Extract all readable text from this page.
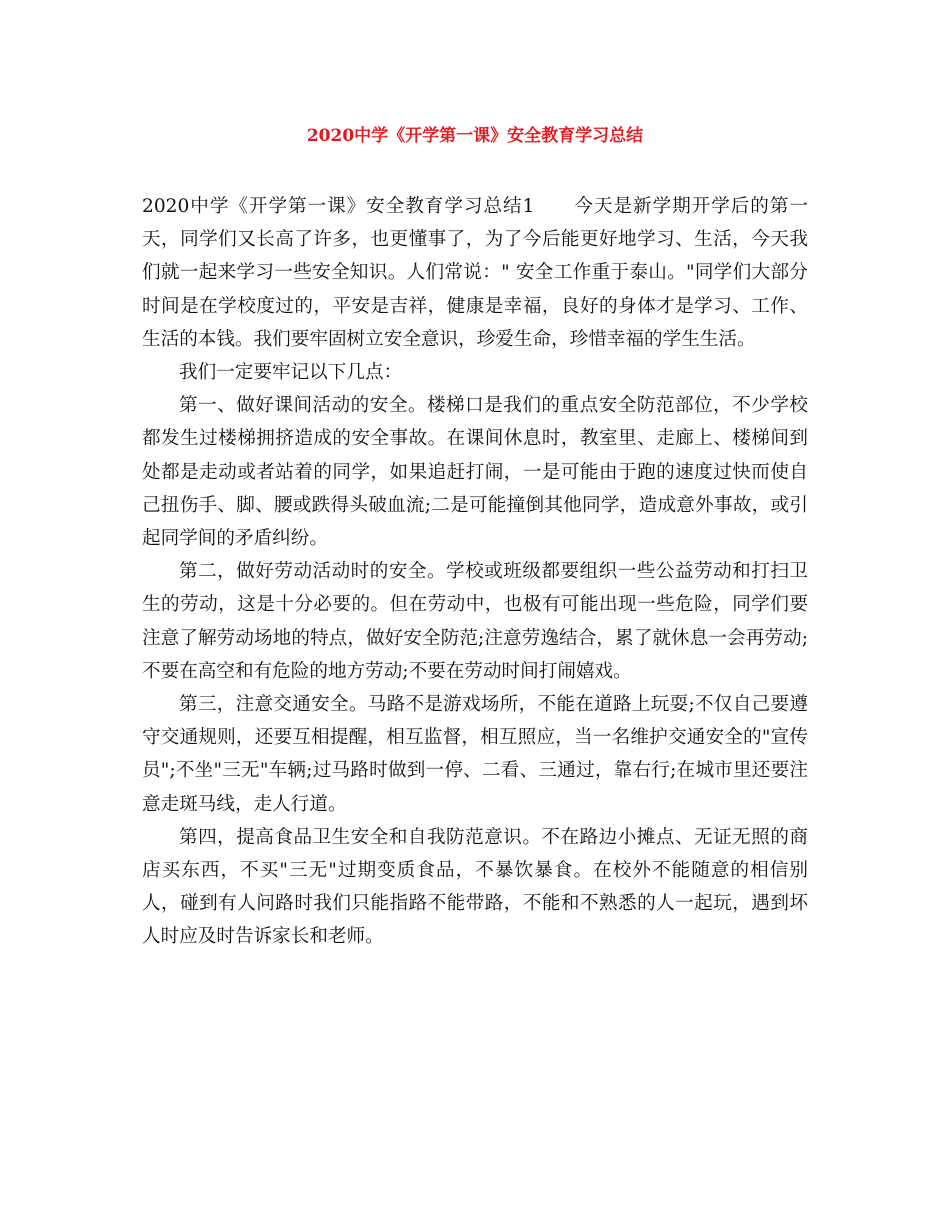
2020中学《开学第一课》安全教育学习总结

2020中学《开学第一课》安全教育学习总结1　　今天是新学期开学后的第一天，同学们又长高了许多，也更懂事了，为了今后能更好地学习、生活，今天我们就一起来学习一些安全知识。人们常说：" 安全工作重于泰山。"同学们大部分时间是在学校度过的，平安是吉祥，健康是幸福，良好的身体才是学习、工作、生活的本钱。我们要牢固树立安全意识，珍爱生命，珍惜幸福的学生生活。

我们一定要牢记以下几点：

第一、做好课间活动的安全。楼梯口是我们的重点安全防范部位，不少学校都发生过楼梯拥挤造成的安全事故。在课间休息时，教室里、走廊上、楼梯间到处都是走动或者站着的同学，如果追赶打闹，一是可能由于跑的速度过快而使自己扭伤手、脚、腰或跌得头破血流;二是可能撞倒其他同学，造成意外事故，或引起同学间的矛盾纠纷。

第二，做好劳动活动时的安全。学校或班级都要组织一些公益劳动和打扫卫生的劳动，这是十分必要的。但在劳动中，也极有可能出现一些危险，同学们要注意了解劳动场地的特点，做好安全防范;注意劳逸结合，累了就休息一会再劳动;不要在高空和有危险的地方劳动;不要在劳动时间打闹嬉戏。

第三，注意交通安全。马路不是游戏场所，不能在道路上玩耍;不仅自己要遵守交通规则，还要互相提醒，相互监督，相互照应，当一名维护交通安全的"宣传员";不坐"三无"车辆;过马路时做到一停、二看、三通过，靠右行;在城市里还要注意走斑马线，走人行道。

第四，提高食品卫生安全和自我防范意识。不在路边小摊点、无证无照的商店买东西，不买"三无"过期变质食品，不暴饮暴食。在校外不能随意的相信别人，碰到有人问路时我们只能指路不能带路，不能和不熟悉的人一起玩，遇到坏人时应及时告诉家长和老师。
